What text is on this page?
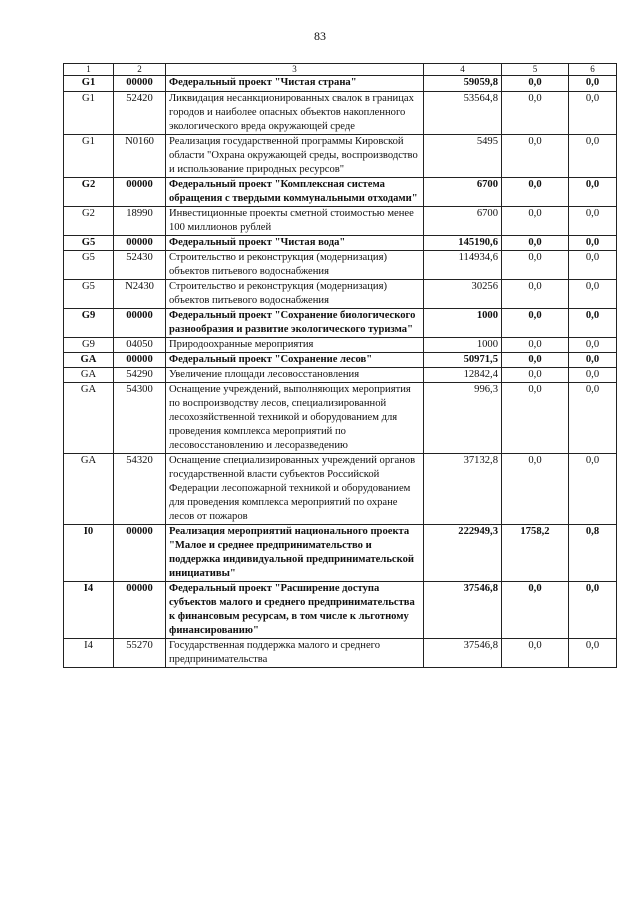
83
1	2	3	4	5	6
G1	00000	Федеральный проект "Чистая страна"	59059,8	0,0	0,0
G1	52420	Ликвидация несанкционированных свалок в границах городов и наиболее опасных объектов накопленного экологического вреда окружающей среде	53564,8	0,0	0,0
G1	N0160	Реализация государственной программы Кировской области "Охрана окружающей среды, воспроизводство и использование природных ресурсов"	5495	0,0	0,0
G2	00000	Федеральный проект "Комплексная система обращения с твердыми коммунальными отходами"	6700	0,0	0,0
G2	18990	Инвестиционные проекты сметной стоимостью менее 100 миллионов рублей	6700	0,0	0,0
G5	00000	Федеральный проект "Чистая вода"	145190,6	0,0	0,0
G5	52430	Строительство и реконструкция (модернизация) объектов питьевого водоснабжения	114934,6	0,0	0,0
G5	N2430	Строительство и реконструкция (модернизация) объектов питьевого водоснабжения	30256	0,0	0,0
G9	00000	Федеральный проект "Сохранение биологического разнообразия и развитие экологического туризма"	1000	0,0	0,0
G9	04050	Природоохранные мероприятия	1000	0,0	0,0
GA	00000	Федеральный проект "Сохранение лесов"	50971,5	0,0	0,0
GA	54290	Увеличение площади лесовосстановления	12842,4	0,0	0,0
GA	54300	Оснащение учреждений, выполняющих мероприятия по воспроизводству лесов, специализированной лесохозяйственной техникой и оборудованием для проведения комплекса мероприятий по лесовосстановлению и лесоразведению	996,3	0,0	0,0
GA	54320	Оснащение специализированных учреждений органов государственной власти субъектов Российской Федерации лесопожарной техникой и оборудованием для проведения комплекса мероприятий по охране лесов от пожаров	37132,8	0,0	0,0
I0	00000	Реализация мероприятий национального проекта "Малое и среднее предпринимательство и поддержка индивидуальной предпринимательской инициативы"	222949,3	1758,2	0,8
I4	00000	Федеральный проект "Расширение доступа субъектов малого и среднего предпринимательства к финансовым ресурсам, в том числе к льготному финансированию"	37546,8	0,0	0,0
I4	55270	Государственная поддержка малого и среднего предпринимательства	37546,8	0,0	0,0
